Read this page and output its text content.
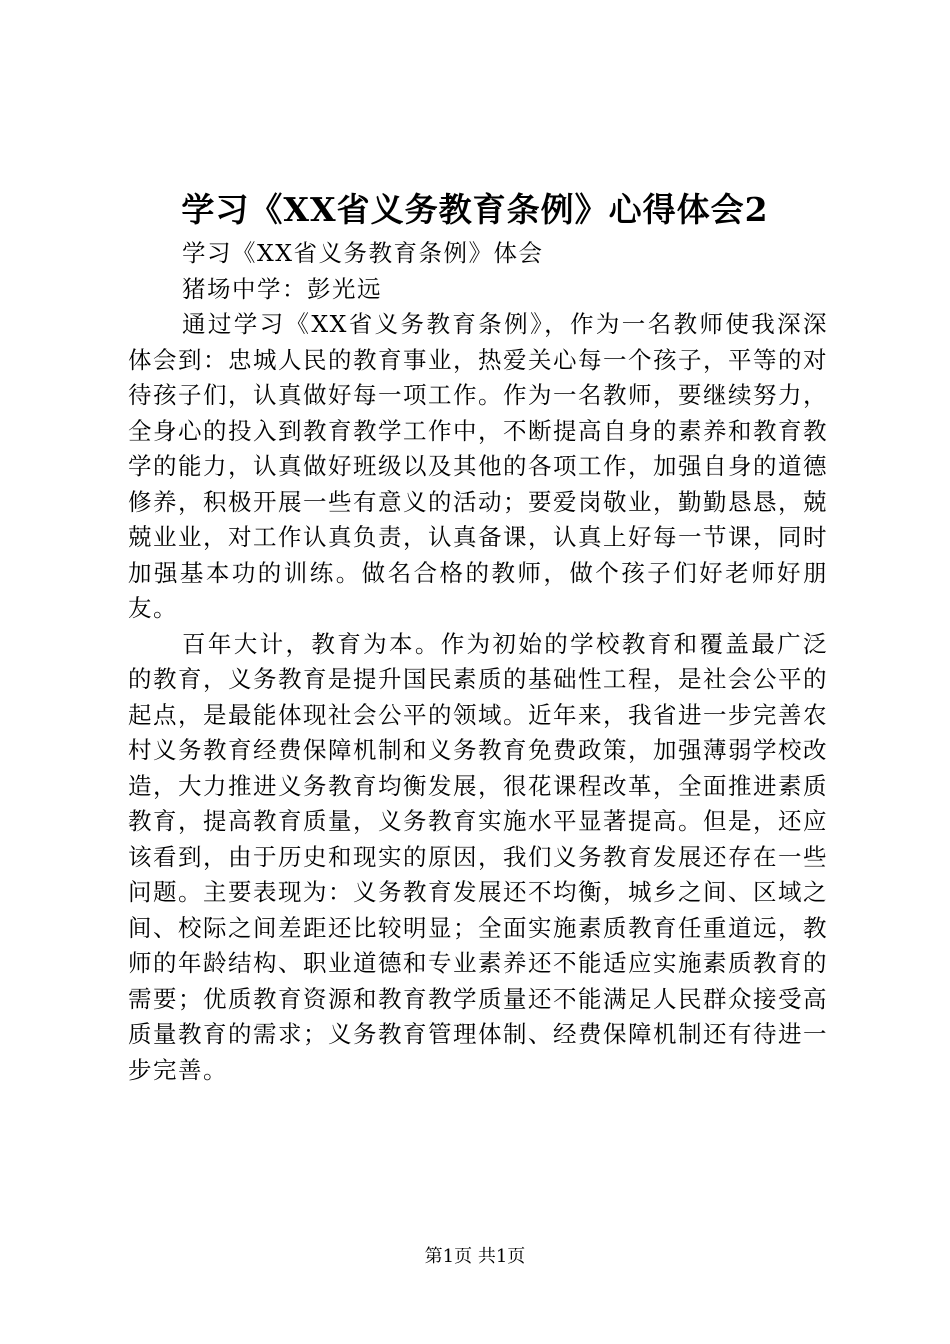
学习《XX省义务教育条例》心得体会2

学习《XX省义务教育条例》体会

猪场中学：彭光远

通过学习《XX省义务教育条例》，作为一名教师使我深深体会到：忠城人民的教育事业，热爱关心每一个孩子，平等的对待孩子们，认真做好每一项工作。作为一名教师，要继续努力，全身心的投入到教育教学工作中，不断提高自身的素养和教育教学的能力，认真做好班级以及其他的各项工作，加强自身的道德修养，积极开展一些有意义的活动；要爱岗敬业，勤勤恳恳，兢兢业业，对工作认真负责，认真备课，认真上好每一节课，同时加强基本功的训练。做名合格的教师，做个孩子们好老师好朋友。

百年大计，教育为本。作为初始的学校教育和覆盖最广泛的教育，义务教育是提升国民素质的基础性工程，是社会公平的起点，是最能体现社会公平的领域。近年来，我省进一步完善农村义务教育经费保障机制和义务教育免费政策，加强薄弱学校改造，大力推进义务教育均衡发展，很花课程改革，全面推进素质教育，提高教育质量，义务教育实施水平显著提高。但是，还应该看到，由于历史和现实的原因，我们义务教育发展还存在一些问题。主要表现为：义务教育发展还不均衡，城乡之间、区域之间、校际之间差距还比较明显；全面实施素质教育任重道远，教师的年龄结构、职业道德和专业素养还不能适应实施素质教育的需要；优质教育资源和教育教学质量还不能满足人民群众接受高质量教育的需求；义务教育管理体制、经费保障机制还有待进一步完善。

第1页 共1页
